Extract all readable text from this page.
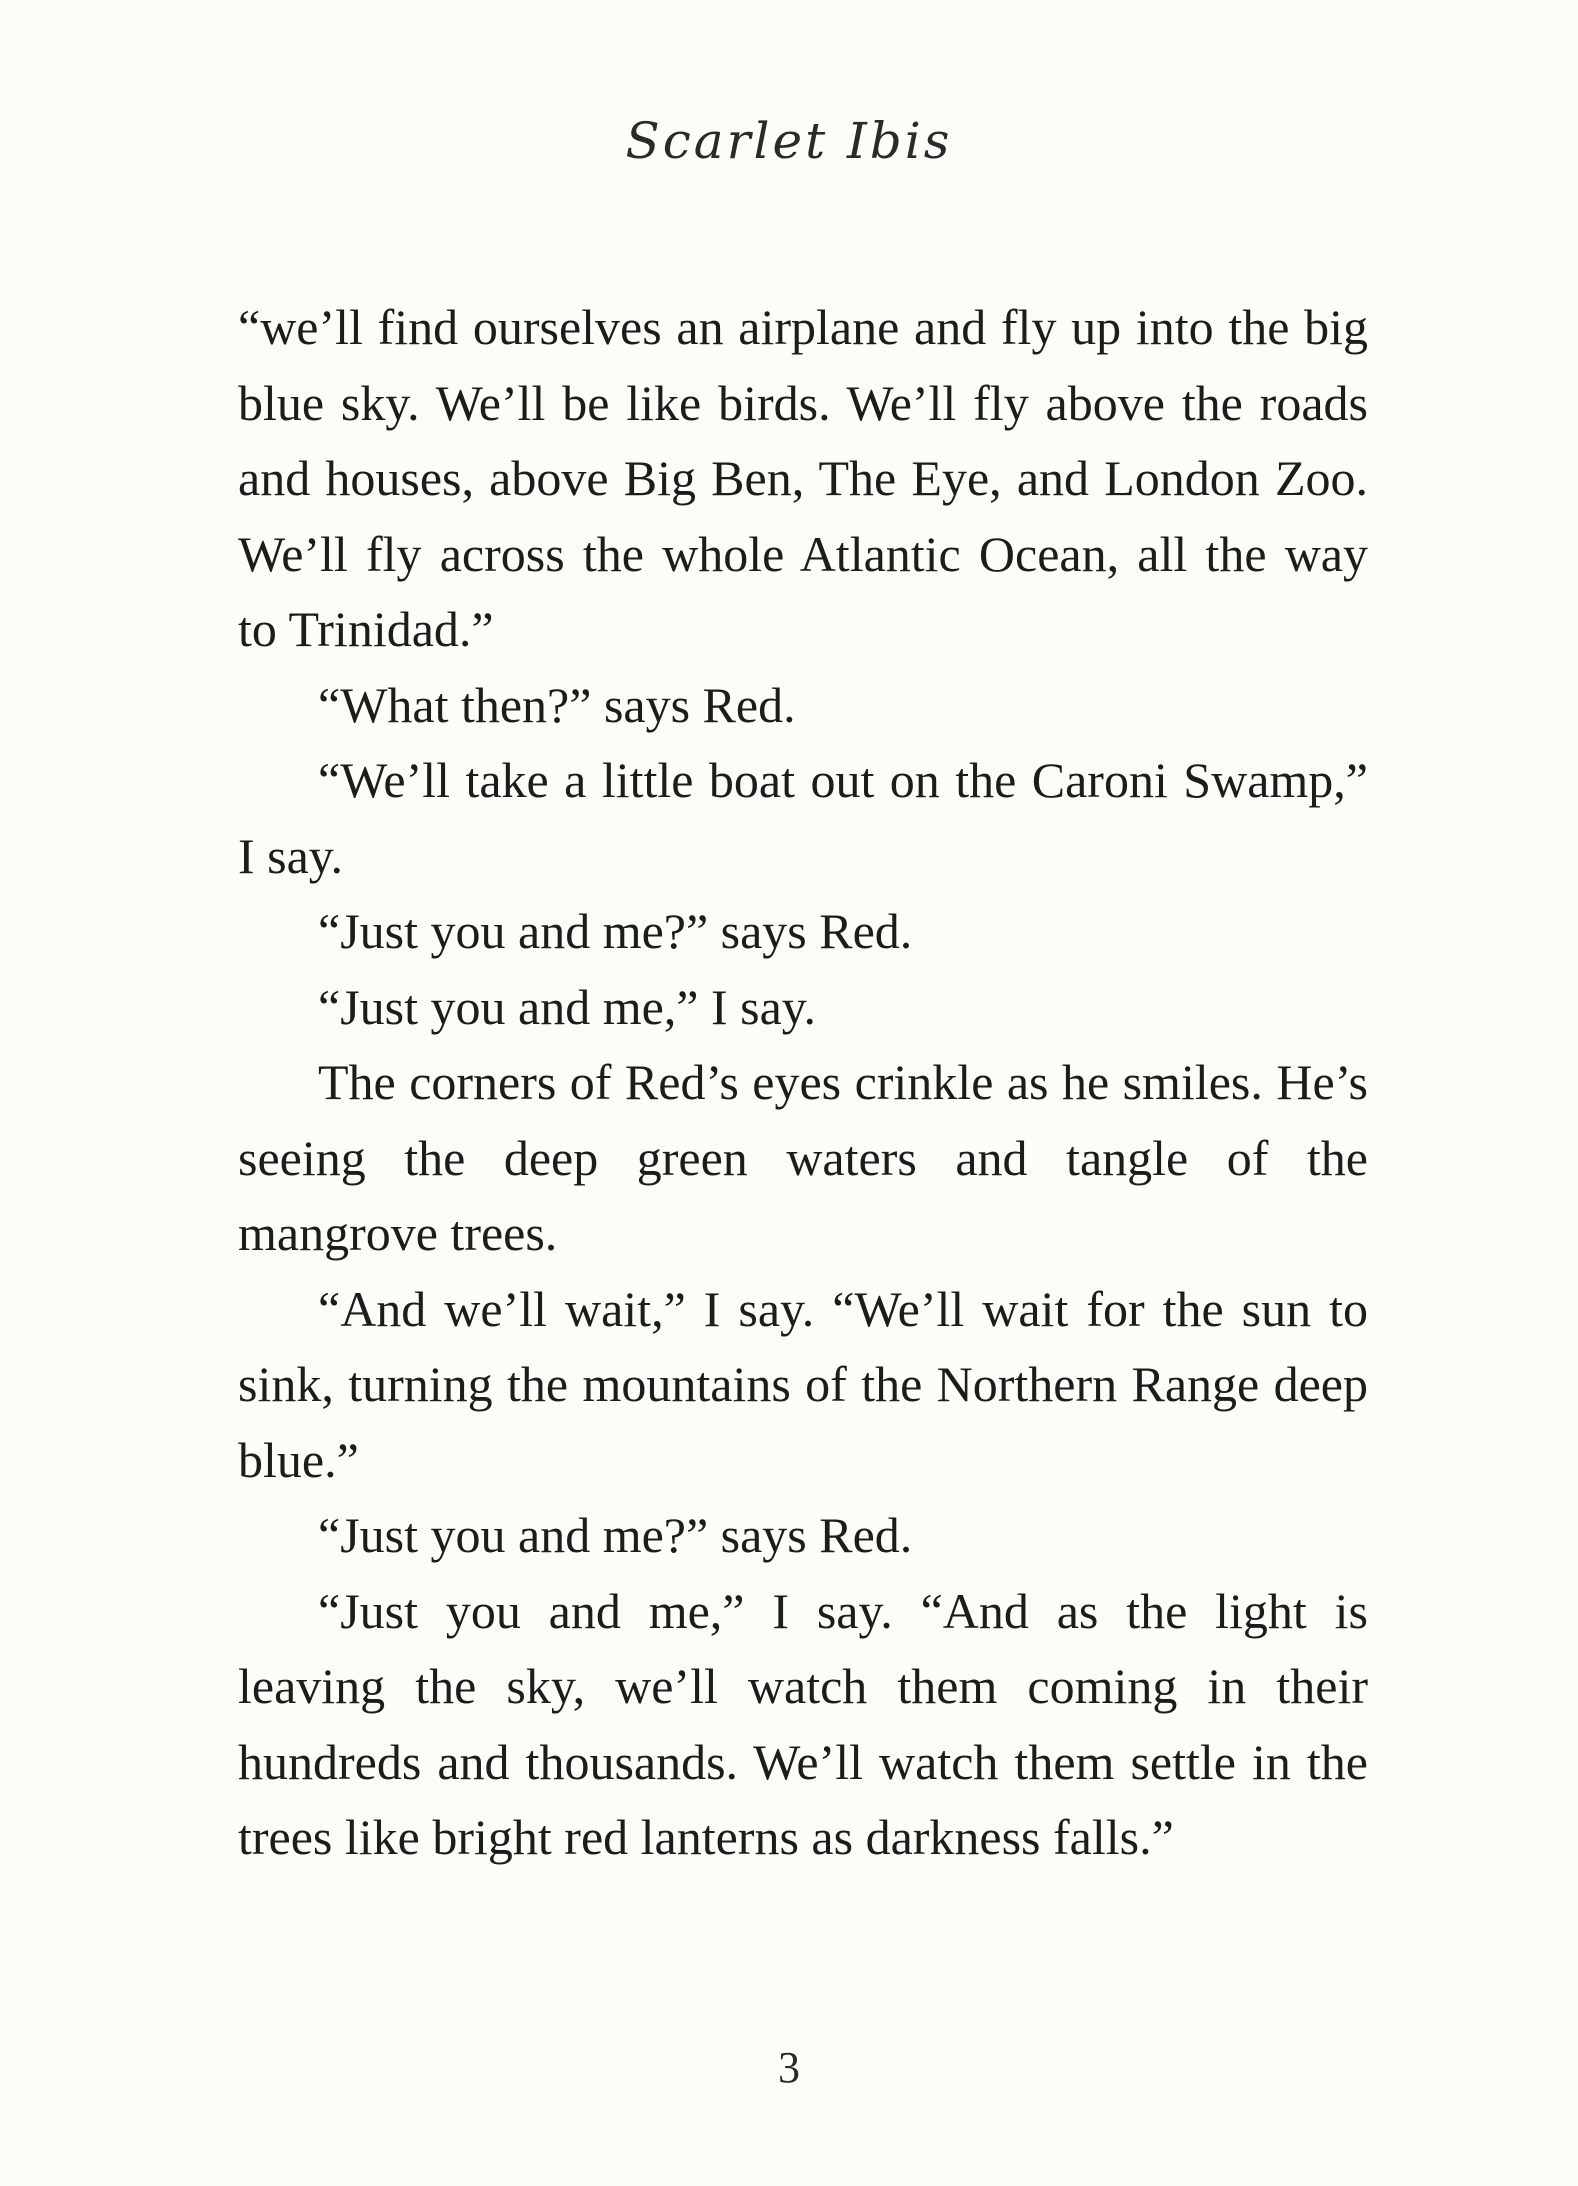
Scarlet Ibis

“we’ll find ourselves an airplane and fly up into the big blue sky. We’ll be like birds. We’ll fly above the roads and houses, above Big Ben, The Eye, and London Zoo. We’ll fly across the whole Atlantic Ocean, all the way to Trinidad.”

“What then?” says Red.

“We’ll take a little boat out on the Caroni Swamp,” I say.

“Just you and me?” says Red.

“Just you and me,” I say.

The corners of Red’s eyes crinkle as he smiles. He’s seeing the deep green waters and tangle of the mangrove trees.

“And we’ll wait,” I say. “We’ll wait for the sun to sink, turning the mountains of the Northern Range deep blue.”

“Just you and me?” says Red.

“Just you and me,” I say. “And as the light is leaving the sky, we’ll watch them coming in their hundreds and thousands. We’ll watch them settle in the trees like bright red lanterns as darkness falls.”

3
